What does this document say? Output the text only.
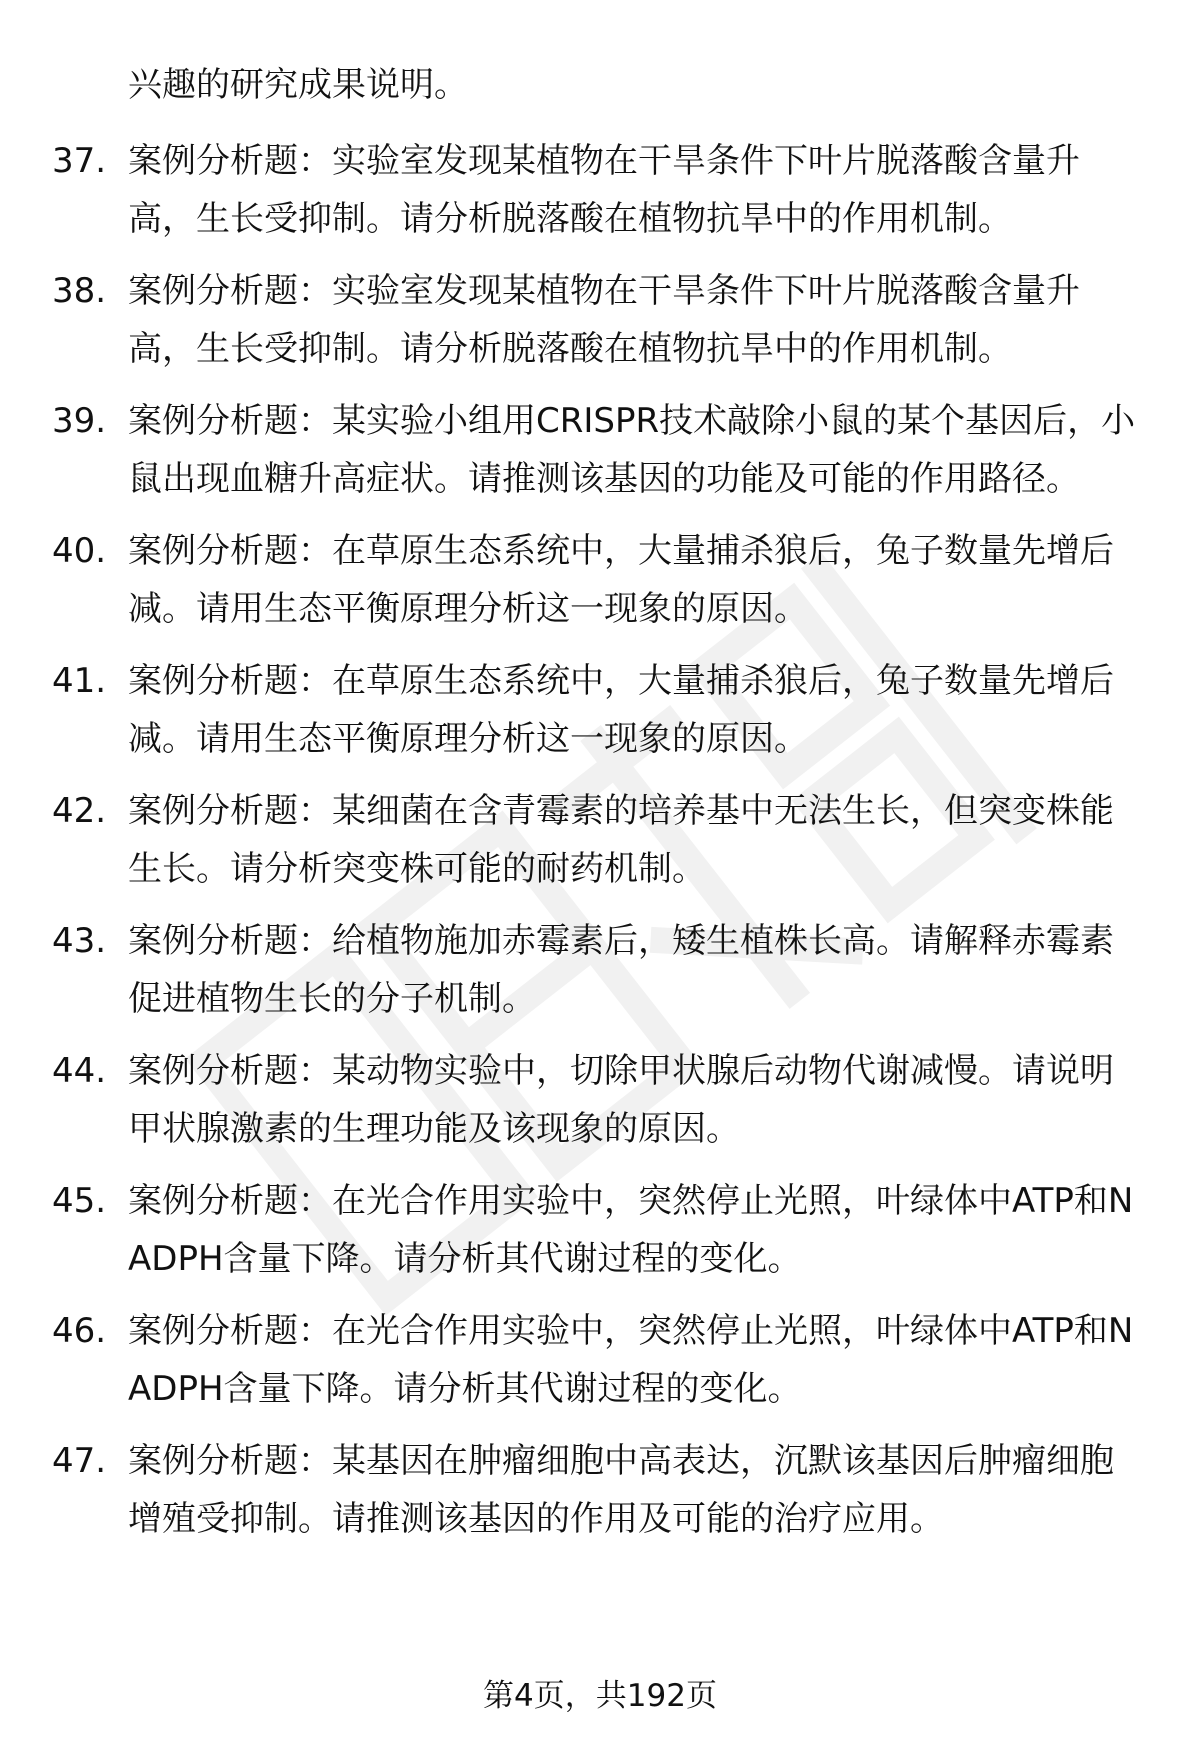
兴趣的研究成果说明。

37. 案例分析题：实验室发现某植物在干旱条件下叶片脱落酸含量升高，生长受抑制。请分析脱落酸在植物抗旱中的作用机制。
38. 案例分析题：实验室发现某植物在干旱条件下叶片脱落酸含量升高，生长受抑制。请分析脱落酸在植物抗旱中的作用机制。
39. 案例分析题：某实验小组用CRISPR技术敲除小鼠的某个基因后，小鼠出现血糖升高症状。请推测该基因的功能及可能的作用路径。
40. 案例分析题：在草原生态系统中，大量捕杀狼后，兔子数量先增后减。请用生态平衡原理分析这一现象的原因。
41. 案例分析题：在草原生态系统中，大量捕杀狼后，兔子数量先增后减。请用生态平衡原理分析这一现象的原因。
42. 案例分析题：某细菌在含青霉素的培养基中无法生长，但突变株能生长。请分析突变株可能的耐药机制。
43. 案例分析题：给植物施加赤霉素后，矮生植株长高。请解释赤霉素促进植物生长的分子机制。
44. 案例分析题：某动物实验中，切除甲状腺后动物代谢减慢。请说明甲状腺激素的生理功能及该现象的原因。
45. 案例分析题：在光合作用实验中，突然停止光照，叶绿体中ATP和NADPH含量下降。请分析其代谢过程的变化。
46. 案例分析题：在光合作用实验中，突然停止光照，叶绿体中ATP和NADPH含量下降。请分析其代谢过程的变化。
47. 案例分析题：某基因在肿瘤细胞中高表达，沉默该基因后肿瘤细胞增殖受抑制。请推测该基因的作用及可能的治疗应用。
第4页，共192页
